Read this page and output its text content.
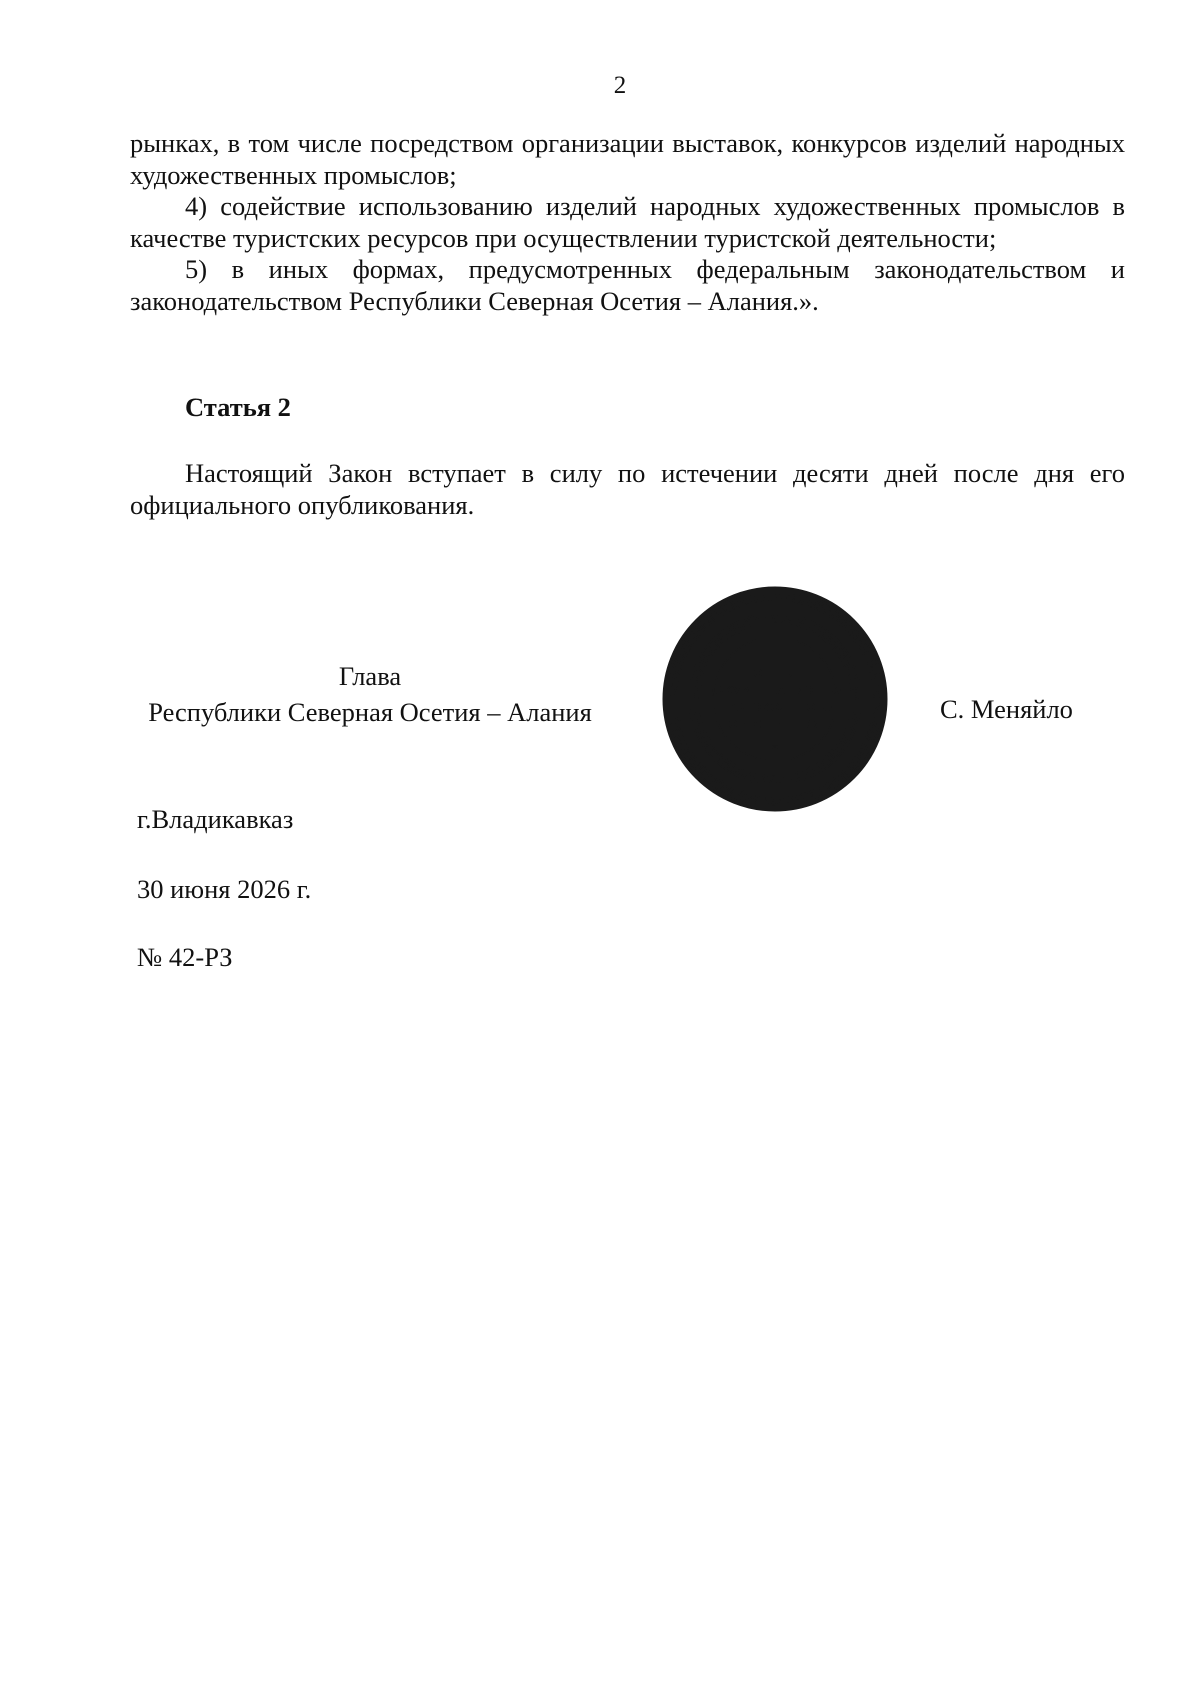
2

рынках, в том числе посредством организации выставок, конкурсов изделий народных художественных промыслов;

4) содействие использованию изделий народных художественных промыслов в качестве туристских ресурсов при осуществлении туристской деятельности;

5) в иных формах, предусмотренных федеральным законодательством и законодательством Республики Северная Осетия – Алания.».

Статья 2

Настоящий Закон вступает в силу по истечении десяти дней после дня его официального опубликования.

Глава
Республики Северная Осетия – Алания
РЕСПУБЛИКӔ ЦӔГАТ ИРЫСТОН-АЛАНИЙЫ СӔРГЪЛЕУӔДЖЫ ӔМӔ РЕСПУБЛИКӔ ЦӔГАТ ИРЫСТОН-АЛАНИЙЫ ХИЦАУАДЫ АДМИНИСТРАЦИ
АДМИНИСТРАЦИЯ ГЛАВЫ И ПРАВИТЕЛЬСТВА РЕСПУБЛИКИ СЕВЕРНАЯ ОСЕТИЯ-АЛАНИЯ
ОТДЕЛ
ДОКУМЕНТАЦИОННО-
ПРОТОКОЛЬНОГО
ОБЕСПЕЧЕНИЯ
*
С. Меняйло
г.Владикавказ
30 июня 2026 г.
№ 42-РЗ
